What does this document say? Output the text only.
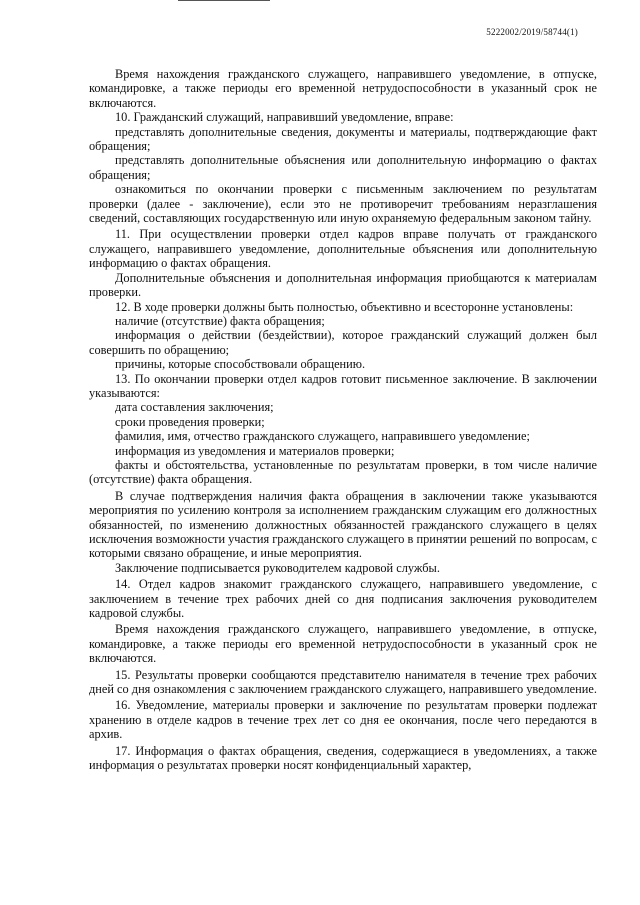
5222002/2019/58744(1)

Время нахождения гражданского служащего, направившего уведомление, в отпуске, командировке, а также периоды его временной нетрудоспособности в указанный срок не включаются.

10. Гражданский служащий, направивший уведомление, вправе:

представлять дополнительные сведения, документы и материалы, подтверждающие факт обращения;

представлять дополнительные объяснения или дополнительную информацию о фактах обращения;

ознакомиться по окончании проверки с письменным заключением по результатам проверки (далее - заключение), если это не противоречит требованиям неразглашения сведений, составляющих государственную или иную охраняемую федеральным законом тайну.

11. При осуществлении проверки отдел кадров вправе получать от гражданского служащего, направившего уведомление, дополнительные объяснения или дополнительную информацию о фактах обращения.

Дополнительные объяснения и дополнительная информация приобщаются к материалам проверки.

12. В ходе проверки должны быть полностью, объективно и всесторонне установлены:

наличие (отсутствие) факта обращения;

информация о действии (бездействии), которое гражданский служащий должен был совершить по обращению;

причины, которые способствовали обращению.

13. По окончании проверки отдел кадров готовит письменное заключение. В заключении указываются:

дата составления заключения;

сроки проведения проверки;

фамилия, имя, отчество гражданского служащего, направившего уведомление;

информация из уведомления и материалов проверки;

факты и обстоятельства, установленные по результатам проверки, в том числе наличие (отсутствие) факта обращения.

В случае подтверждения наличия факта обращения в заключении также указываются мероприятия по усилению контроля за исполнением гражданским служащим его должностных обязанностей, по изменению должностных обязанностей гражданского служащего в целях исключения возможности участия гражданского служащего в принятии решений по вопросам, с которыми связано обращение, и иные мероприятия.

Заключение подписывается руководителем кадровой службы.

14. Отдел кадров знакомит гражданского служащего, направившего уведомление, с заключением в течение трех рабочих дней со дня подписания заключения руководителем кадровой службы.

Время нахождения гражданского служащего, направившего уведомление, в отпуске, командировке, а также периоды его временной нетрудоспособности в указанный срок не включаются.

15. Результаты проверки сообщаются представителю нанимателя в течение трех рабочих дней со дня ознакомления с заключением гражданского служащего, направившего уведомление.

16. Уведомление, материалы проверки и заключение по результатам проверки подлежат хранению в отделе кадров в течение трех лет со дня ее окончания, после чего передаются в архив.

17. Информация о фактах обращения, сведения, содержащиеся в уведомлениях, а также информация о результатах проверки носят конфиденциальный характер,
